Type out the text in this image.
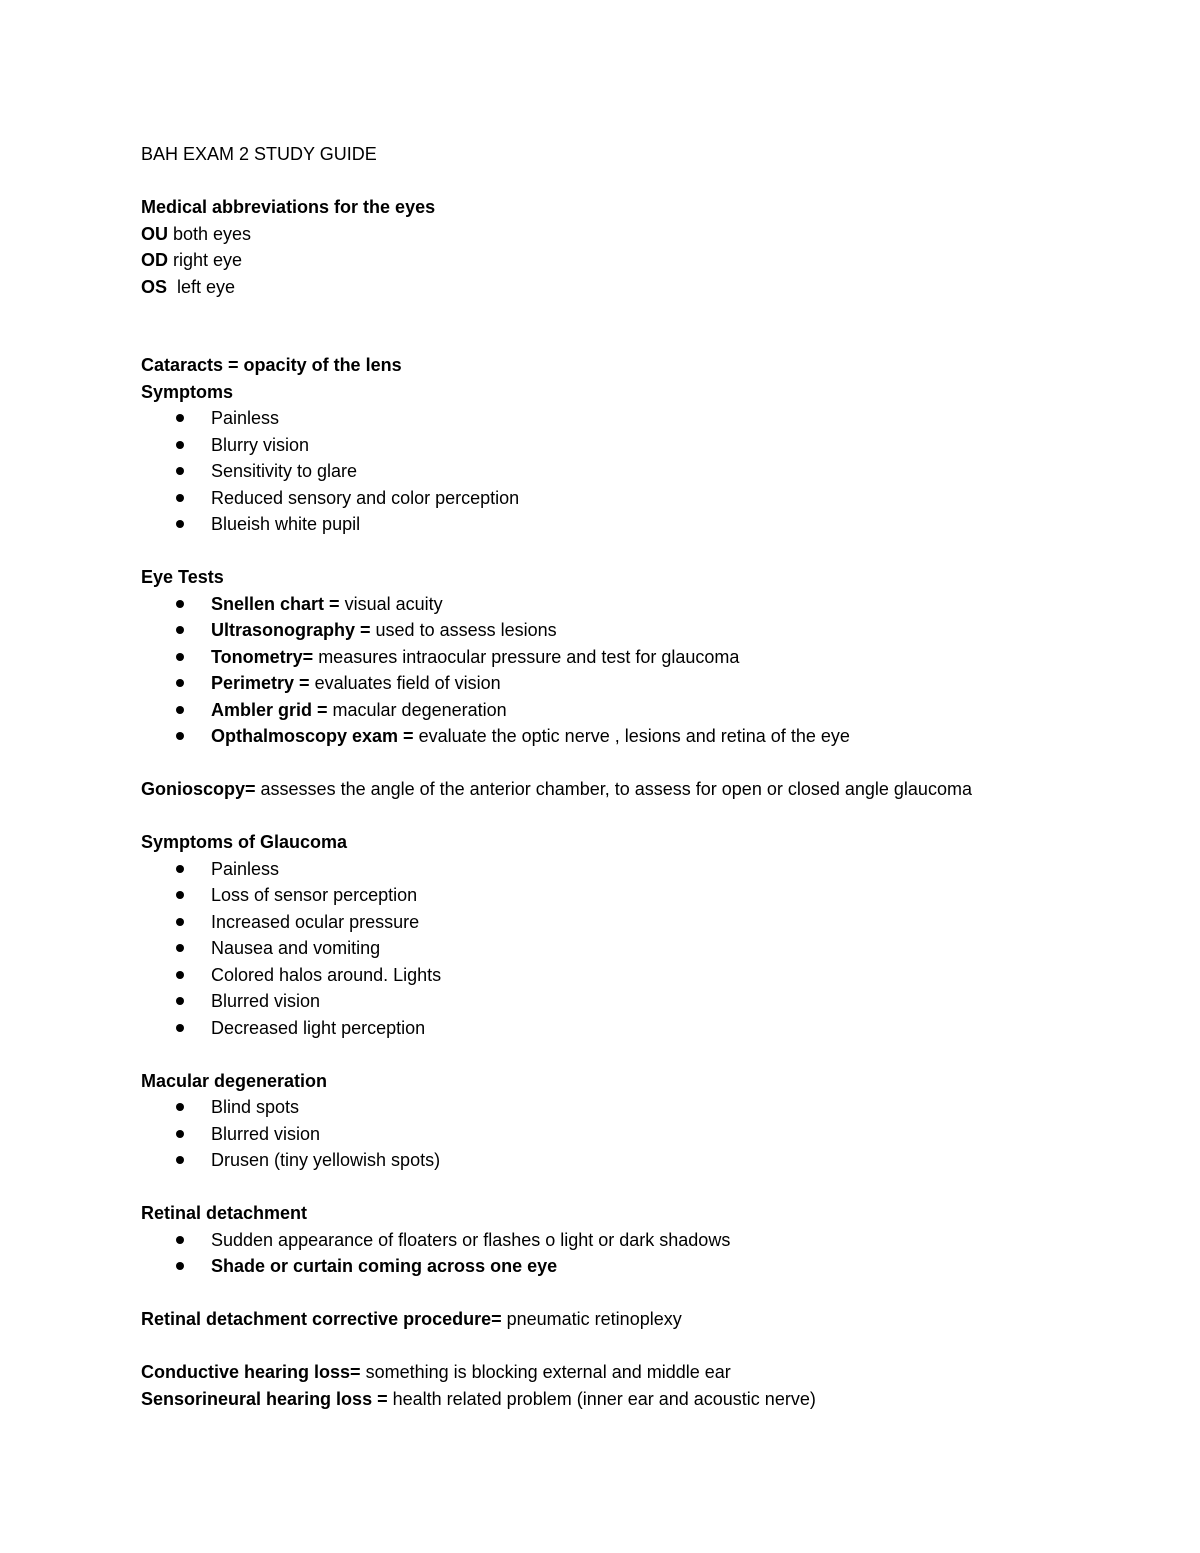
BAH EXAM 2 STUDY GUIDE

Medical abbreviations for the eyes

OU both eyes

OD right eye

OS  left eye

Cataracts = opacity of the lens

Symptoms

Painless
Blurry vision
Sensitivity to glare
Reduced sensory and color perception
Blueish white pupil

Eye Tests

Snellen chart = visual acuity
Ultrasonography = used to assess lesions
Tonometry= measures intraocular pressure and test for glaucoma
Perimetry = evaluates field of vision
Ambler grid = macular degeneration
Opthalmoscopy exam = evaluate the optic nerve , lesions and retina of the eye

Gonioscopy= assesses the angle of the anterior chamber, to assess for open or closed angle glaucoma

Symptoms of Glaucoma

Painless
Loss of sensor perception
Increased ocular pressure
Nausea and vomiting
Colored halos around. Lights
Blurred vision
Decreased light perception

Macular degeneration

Blind spots
Blurred vision
Drusen (tiny yellowish spots)

Retinal detachment

Sudden appearance of floaters or flashes o light or dark shadows
Shade or curtain coming across one eye

Retinal detachment corrective procedure= pneumatic retinoplexy

Conductive hearing loss= something is blocking external and middle ear

Sensorineural hearing loss = health related problem (inner ear and acoustic nerve)
